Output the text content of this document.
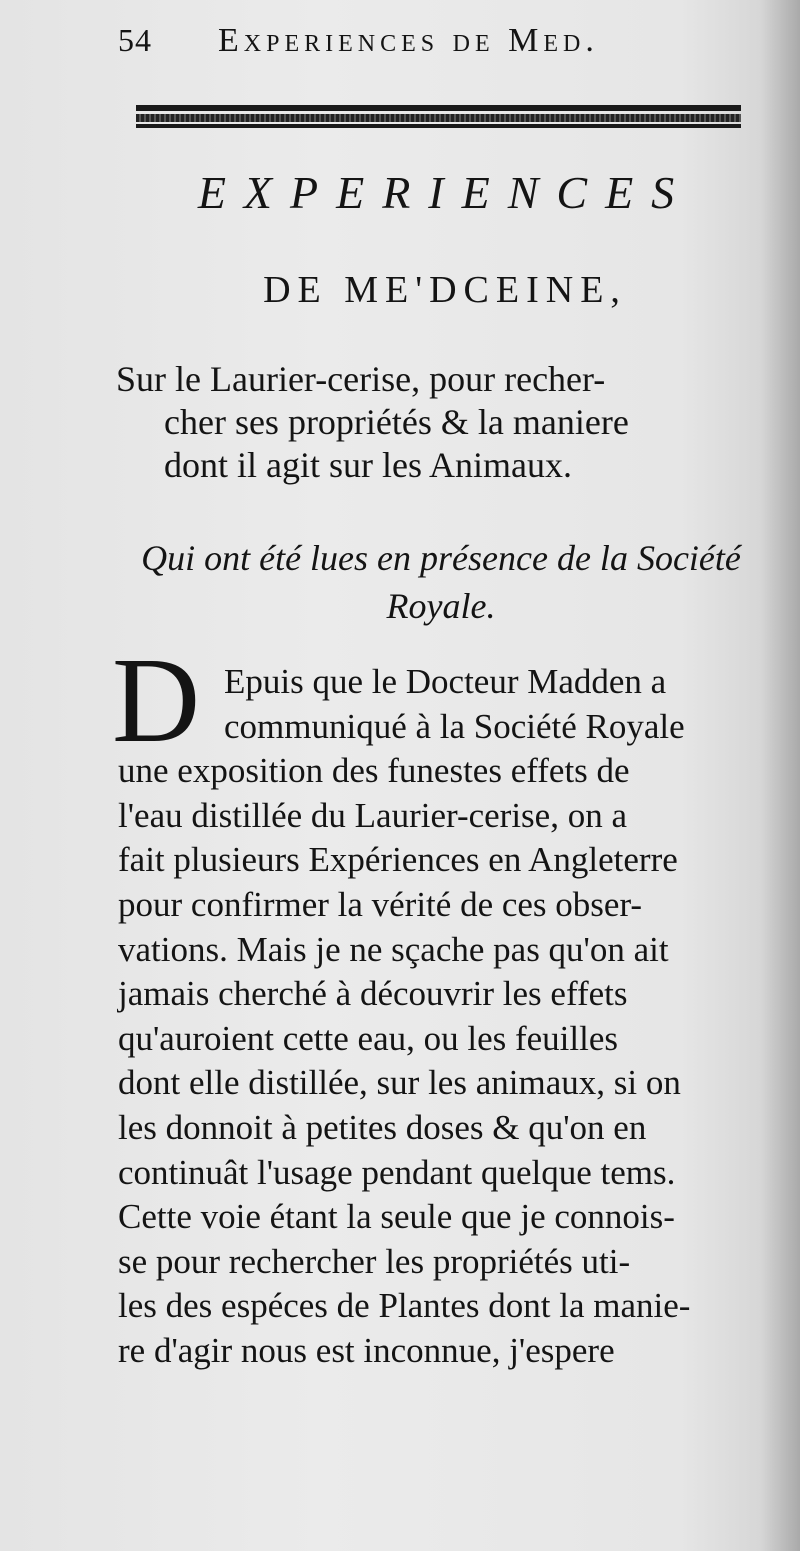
54 Experiences de Med.
EXPERIENCES
DE ME'DCEINE,
Sur le Laurier-cerise, pour recher-
cher ses propriétés & la maniere
dont il agit sur les Animaux.
Qui ont été lues en présence de la Société
Royale.
D Epuis que le Docteur Madden a
communiqué à la Société Royale
une exposition des funestes effets de
l'eau distillée du Laurier-cerise, on a
fait plusieurs Expériences en Angleterre
pour confirmer la vérité de ces obser-
vations. Mais je ne sçache pas qu'on ait
jamais cherché à découvrir les effets
qu'auroient cette eau, ou les feuilles
dont elle distillée, sur les animaux, si on
les donnoit à petites doses & qu'on en
continuât l'usage pendant quelque tems.
Cette voie étant la seule que je connois-
se pour rechercher les propriétés uti-
les des espéces de Plantes dont la manie-
re d'agir nous est inconnue, j'espere
